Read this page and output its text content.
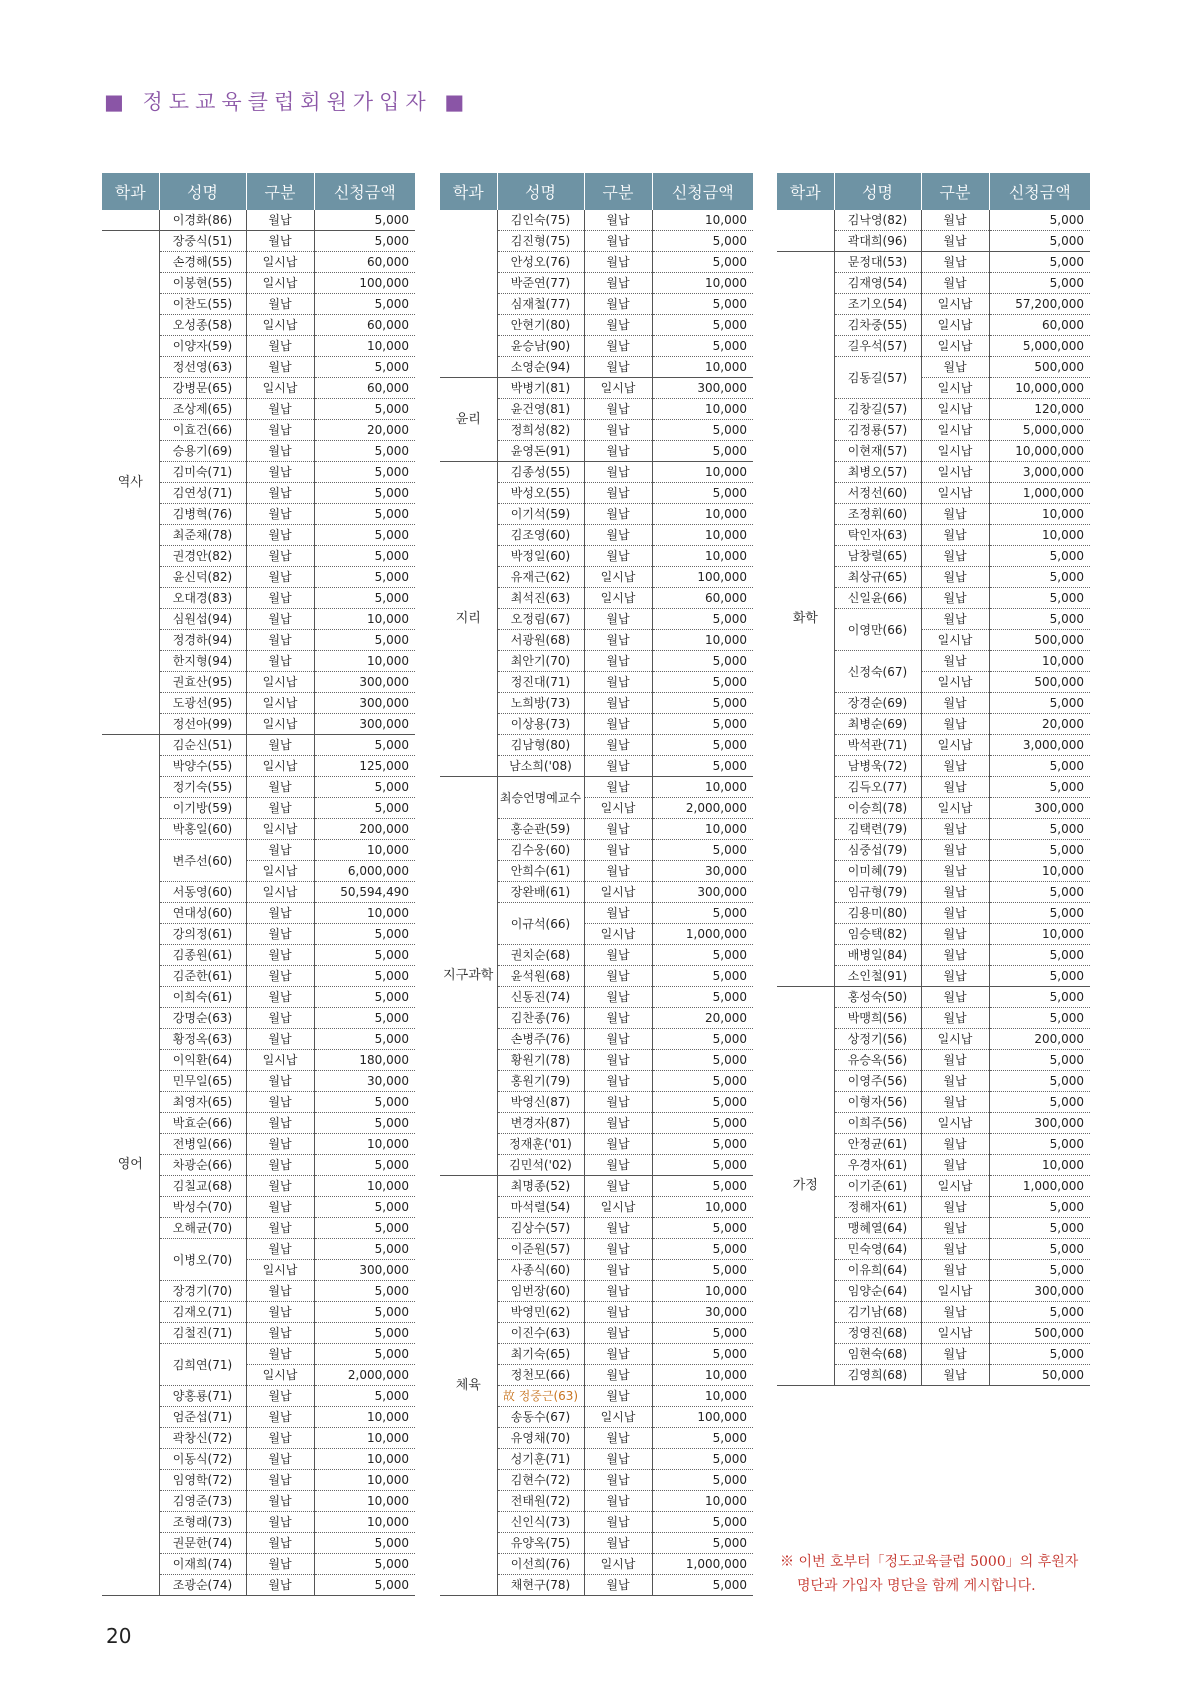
■ 정도교육클럽회원가입자 ■
학과	성명	구분	신청금액
	이경화(86)	월납	5,000
역사	장중식(51)	월납	5,000
	손경해(55)	일시납	60,000
	이봉현(55)	일시납	100,000
	이찬도(55)	월납	5,000
	오성종(58)	일시납	60,000
	이양자(59)	월납	10,000
	정선영(63)	월납	5,000
	강병문(65)	일시납	60,000
	조상제(65)	월납	5,000
	이효건(66)	월납	20,000
	승용기(69)	월납	5,000
	김미숙(71)	월납	5,000
	김연성(71)	월납	5,000
	김병혁(76)	월납	5,000
	최준채(78)	월납	5,000
	권경안(82)	월납	5,000
	윤신덕(82)	월납	5,000
	오대경(83)	월납	5,000
	심원섭(94)	월납	10,000
	정경하(94)	월납	5,000
	한지형(94)	월납	10,000
	권효산(95)	일시납	300,000
	도광선(95)	일시납	300,000
	정선아(99)	일시납	300,000
영어	김순신(51)	월납	5,000
	박양수(55)	일시납	125,000
	정기숙(55)	월납	5,000
	이기방(59)	월납	5,000
	박홍일(60)	일시납	200,000
	변주선(60)	월납	10,000
		일시납	6,000,000
	서동영(60)	일시납	50,594,490
	연대성(60)	월납	10,000
	강의정(61)	월납	5,000
	김종원(61)	월납	5,000
	김준한(61)	월납	5,000
	이희숙(61)	월납	5,000
	강명순(63)	월납	5,000
	황정옥(63)	월납	5,000
	이익환(64)	일시납	180,000
	민무일(65)	월납	30,000
	최영자(65)	월납	5,000
	박효순(66)	월납	5,000
	전병일(66)	월납	10,000
	차광순(66)	월납	5,000
	김칠교(68)	월납	10,000
	박성수(70)	월납	5,000
	오해균(70)	월납	5,000
	이병오(70)	월납	5,000
		일시납	300,000
	장경기(70)	월납	5,000
	김재오(71)	월납	5,000
	김철진(71)	월납	5,000
	김희연(71)	월납	5,000
		일시납	2,000,000
	양홍룡(71)	월납	5,000
	엄준섭(71)	월납	10,000
	곽창신(72)	월납	10,000
	이동식(72)	월납	10,000
	임영학(72)	월납	10,000
	김영준(73)	월납	10,000
	조형래(73)	월납	10,000
	권문한(74)	월납	5,000
	이재희(74)	월납	5,000
	조광순(74)	월납	5,000
학과	성명	구분	신청금액
	김인숙(75)	월납	10,000
	김진형(75)	월납	5,000
	안성오(76)	월납	5,000
	박준연(77)	월납	10,000
	심재철(77)	월납	5,000
	안현기(80)	월납	5,000
	윤승남(90)	월납	5,000
	소영순(94)	월납	10,000
윤리	박병기(81)	일시납	300,000
	윤건영(81)	월납	10,000
	정희성(82)	월납	5,000
	윤영돈(91)	월납	5,000
지리	김종성(55)	월납	10,000
	박성오(55)	월납	5,000
	이기석(59)	월납	10,000
	김조영(60)	월납	10,000
	박정일(60)	월납	10,000
	유재근(62)	일시납	100,000
	최석진(63)	일시납	60,000
	오정림(67)	월납	5,000
	서광원(68)	월납	10,000
	최안기(70)	월납	5,000
	정진대(71)	월납	5,000
	노희방(73)	월납	5,000
	이상용(73)	월납	5,000
	김남형(80)	월납	5,000
	남소희('08)	월납	5,000
지구과학	최승언명예교수	월납	10,000
		일시납	2,000,000
	홍순관(59)	월납	10,000
	김수웅(60)	월납	5,000
	안희수(61)	월납	30,000
	장완배(61)	일시납	300,000
	이규석(66)	월납	5,000
		일시납	1,000,000
	권치순(68)	월납	5,000
	윤석원(68)	월납	5,000
	신동진(74)	월납	5,000
	김찬종(76)	월납	20,000
	손병주(76)	월납	5,000
	황원기(78)	월납	5,000
	홍원기(79)	월납	5,000
	박영신(87)	월납	5,000
	변경자(87)	월납	5,000
	정재훈('01)	월납	5,000
	김민석('02)	월납	5,000
체육	최명종(52)	월납	5,000
	마석렬(54)	일시납	10,000
	김상수(57)	월납	5,000
	이준원(57)	월납	5,000
	사종식(60)	월납	5,000
	임번장(60)	월납	10,000
	박영민(62)	월납	30,000
	이진수(63)	월납	5,000
	최기숙(65)	월납	5,000
	정천모(66)	월납	10,000
	故 정중근(63)	월납	10,000
	송동수(67)	일시납	100,000
	유영채(70)	월납	5,000
	성기훈(71)	월납	5,000
	김현수(72)	월납	5,000
	전태원(72)	월납	10,000
	신인식(73)	월납	5,000
	유양옥(75)	월납	5,000
	이선희(76)	일시납	1,000,000
	채현구(78)	월납	5,000
학과	성명	구분	신청금액
	김낙영(82)	월납	5,000
	곽대희(96)	월납	5,000
화학	문정대(53)	월납	5,000
	김재영(54)	월납	5,000
	조기오(54)	일시납	57,200,000
	김차중(55)	일시납	60,000
	길우석(57)	일시납	5,000,000
	김동길(57)	월납	500,000
		일시납	10,000,000
	김창길(57)	일시납	120,000
	김정룡(57)	일시납	5,000,000
	이현재(57)	일시납	10,000,000
	최병오(57)	일시납	3,000,000
	서정선(60)	일시납	1,000,000
	조정휘(60)	월납	10,000
	탁인자(63)	월납	10,000
	남창렬(65)	월납	5,000
	최상규(65)	월납	5,000
	신일윤(66)	월납	5,000
	이영만(66)	월납	5,000
		일시납	500,000
	신정숙(67)	월납	10,000
		일시납	500,000
	장경순(69)	월납	5,000
	최병순(69)	월납	20,000
	박석관(71)	일시납	3,000,000
	남병욱(72)	월납	5,000
	김득오(77)	월납	5,000
	이승희(78)	일시납	300,000
	김택련(79)	월납	5,000
	심중섭(79)	월납	5,000
	이미혜(79)	월납	10,000
	임규형(79)	월납	5,000
	김용미(80)	월납	5,000
	임승택(82)	월납	10,000
	배병일(84)	월납	5,000
	소인철(91)	월납	5,000
가정	홍성숙(50)	월납	5,000
	박맹희(56)	월납	5,000
	상정기(56)	일시납	200,000
	유승옥(56)	월납	5,000
	이영주(56)	월납	5,000
	이형자(56)	월납	5,000
	이희주(56)	일시납	300,000
	안정균(61)	월납	5,000
	우경자(61)	월납	10,000
	이기준(61)	일시납	1,000,000
	정해자(61)	월납	5,000
	맹혜열(64)	월납	5,000
	민숙영(64)	월납	5,000
	이유희(64)	월납	5,000
	임양순(64)	일시납	300,000
	김기남(68)	월납	5,000
	정영진(68)	일시납	500,000
	임현숙(68)	월납	5,000
	김영희(68)	월납	50,000
※ 이번 호부터「정도교육클럽 5000」의 후원자
명단과 가입자 명단을 함께 게시합니다.
20
